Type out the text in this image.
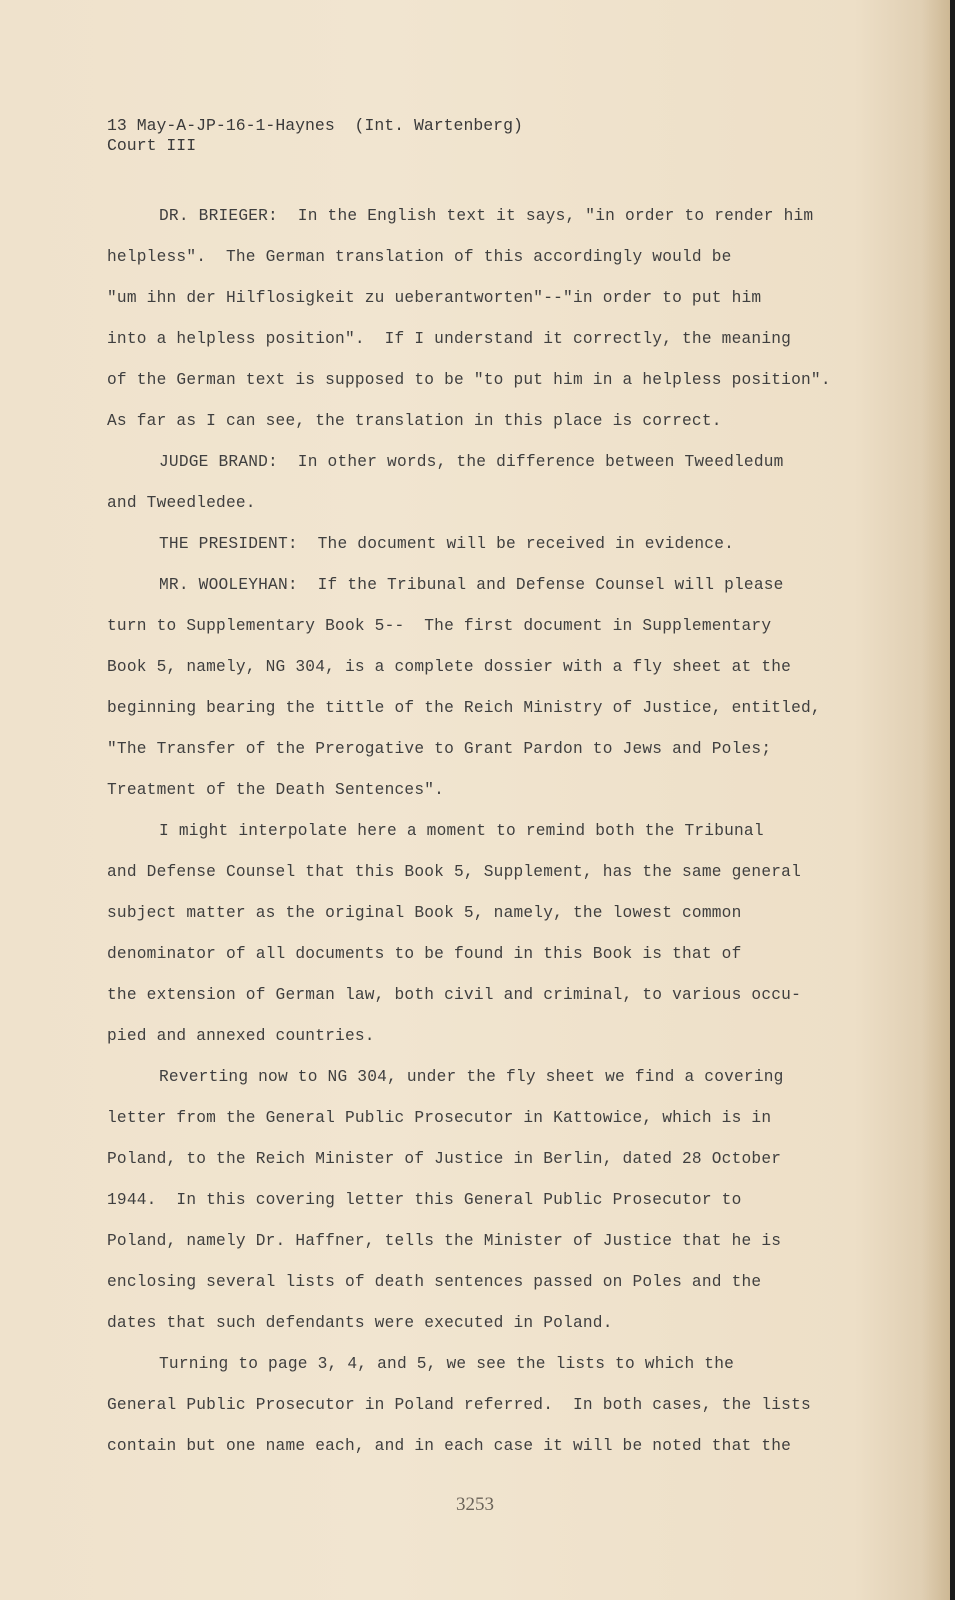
13 May-A-JP-16-1-Haynes  (Int. Wartenberg)
Court III

DR. BRIEGER:  In the English text it says, "in order to render him
helpless".  The German translation of this accordingly would be
"um ihn der Hilflosigkeit zu ueberantworten"--"in order to put him
into a helpless position".  If I understand it correctly, the meaning
of the German text is supposed to be "to put him in a helpless position".
As far as I can see, the translation in this place is correct.

JUDGE BRAND:  In other words, the difference between Tweedledum
and Tweedledee.

THE PRESIDENT:  The document will be received in evidence.

MR. WOOLEYHAN:  If the Tribunal and Defense Counsel will please
turn to Supplementary Book 5--  The first document in Supplementary
Book 5, namely, NG 304, is a complete dossier with a fly sheet at the
beginning bearing the tittle of the Reich Ministry of Justice, entitled,
"The Transfer of the Prerogative to Grant Pardon to Jews and Poles;
Treatment of the Death Sentences".

I might interpolate here a moment to remind both the Tribunal
and Defense Counsel that this Book 5, Supplement, has the same general
subject matter as the original Book 5, namely, the lowest common
denominator of all documents to be found in this Book is that of
the extension of German law, both civil and criminal, to various occu-
pied and annexed countries.

Reverting now to NG 304, under the fly sheet we find a covering
letter from the General Public Prosecutor in Kattowice, which is in
Poland, to the Reich Minister of Justice in Berlin, dated 28 October
1944.  In this covering letter this General Public Prosecutor to
Poland, namely Dr. Haffner, tells the Minister of Justice that he is
enclosing several lists of death sentences passed on Poles and the
dates that such defendants were executed in Poland.

Turning to page 3, 4, and 5, we see the lists to which the
General Public Prosecutor in Poland referred.  In both cases, the lists
contain but one name each, and in each case it will be noted that the

3253
